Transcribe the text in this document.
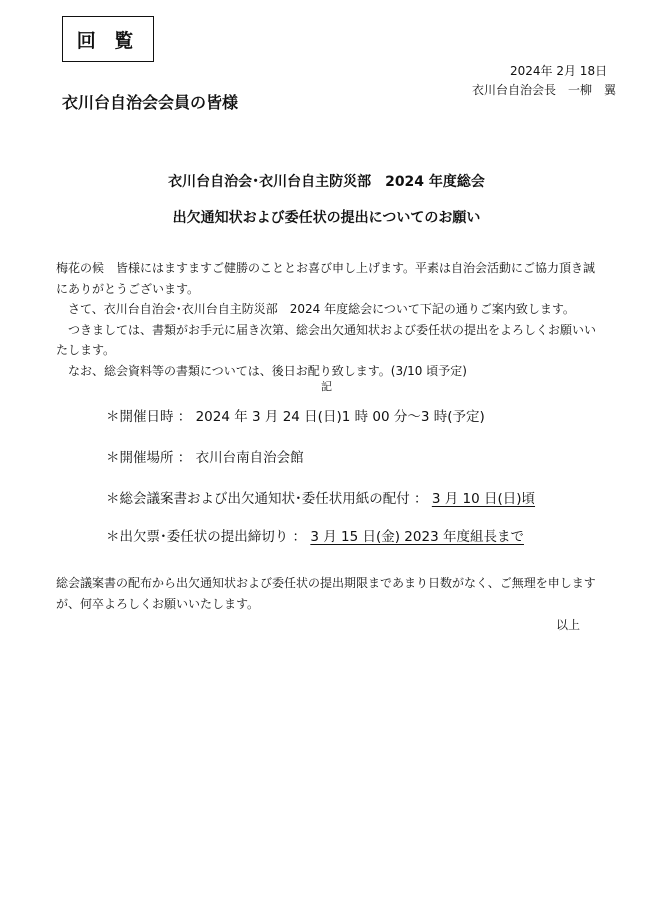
回 覧
2024年 2月 18日
衣川台自治会長　一柳　翼
衣川台自治会会員の皆様
衣川台自治会･衣川台自主防災部　2024 年度総会
出欠通知状および委任状の提出についてのお願い

梅花の候　皆様にはますますご健勝のこととお喜び申し上げます。平素は自治会活動にご協力頂き誠にありがとうございます。

さて、衣川台自治会･衣川台自主防災部　2024 年度総会について下記の通りご案内致します。

つきましては、書類がお手元に届き次第、総会出欠通知状および委任状の提出をよろしくお願いいたします。

なお、総会資料等の書類については、後日お配り致します。(3/10 頃予定)

記
＊開催日時 ： 2024 年 3 月 24 日(日)1 時 00 分～3 時(予定)
＊開催場所 ： 衣川台南自治会館
＊総会議案書および出欠通知状･委任状用紙の配付 ： 3 月 10 日(日)頃
＊出欠票･委任状の提出締切り ： 3 月 15 日(金) 2023 年度組長まで

総会議案書の配布から出欠通知状および委任状の提出期限まであまり日数がなく、ご無理を申しますが、何卒よろしくお願いいたします。

以上
